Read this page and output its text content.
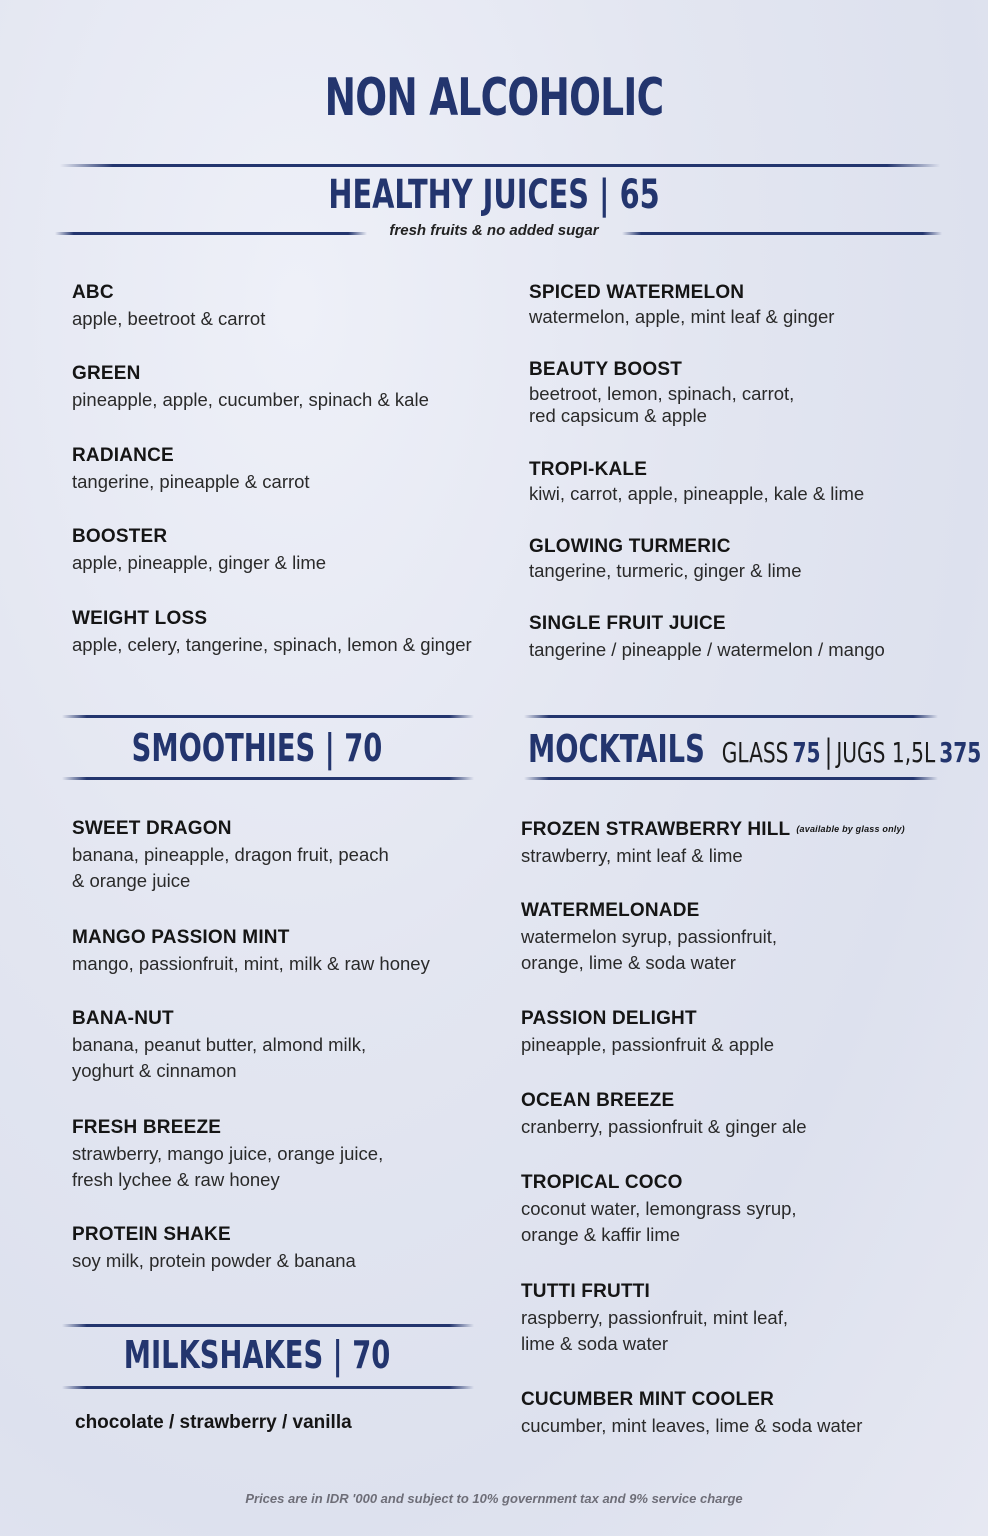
NON ALCOHOLIC
HEALTHY JUICES | 65
fresh fruits & no added sugar
ABC
apple, beetroot & carrot
GREEN
pineapple, apple, cucumber, spinach & kale
RADIANCE
tangerine, pineapple & carrot
BOOSTER
apple, pineapple, ginger & lime
WEIGHT LOSS
apple, celery, tangerine, spinach, lemon & ginger
SPICED WATERMELON
watermelon, apple, mint leaf & ginger
BEAUTY BOOST
beetroot, lemon, spinach, carrot,
red capsicum & apple
TROPI-KALE
kiwi, carrot, apple, pineapple, kale & lime
GLOWING TURMERIC
tangerine, turmeric, ginger & lime
SINGLE FRUIT JUICE
tangerine / pineapple / watermelon / mango
SMOOTHIES | 70	MOCKTAILS GLASS 75 | JUGS 1,5L 375
SWEET DRAGON
banana, pineapple, dragon fruit, peach
& orange juice
MANGO PASSION MINT
mango, passionfruit, mint, milk & raw honey
BANA-NUT
banana, peanut butter, almond milk,
yoghurt & cinnamon
FRESH BREEZE
strawberry, mango juice, orange juice,
fresh lychee & raw honey
PROTEIN SHAKE
soy milk, protein powder & banana
MILKSHAKES | 70
chocolate / strawberry / vanilla
FROZEN STRAWBERRY HILL (available by glass only)
strawberry, mint leaf & lime
WATERMELONADE
watermelon syrup, passionfruit,
orange, lime & soda water
PASSION DELIGHT
pineapple, passionfruit & apple
OCEAN BREEZE
cranberry, passionfruit & ginger ale
TROPICAL COCO
coconut water, lemongrass syrup,
orange & kaffir lime
TUTTI FRUTTI
raspberry, passionfruit, mint leaf,
lime & soda water
CUCUMBER MINT COOLER
cucumber, mint leaves, lime & soda water
Prices are in IDR '000 and subject to 10% government tax and 9% service charge
